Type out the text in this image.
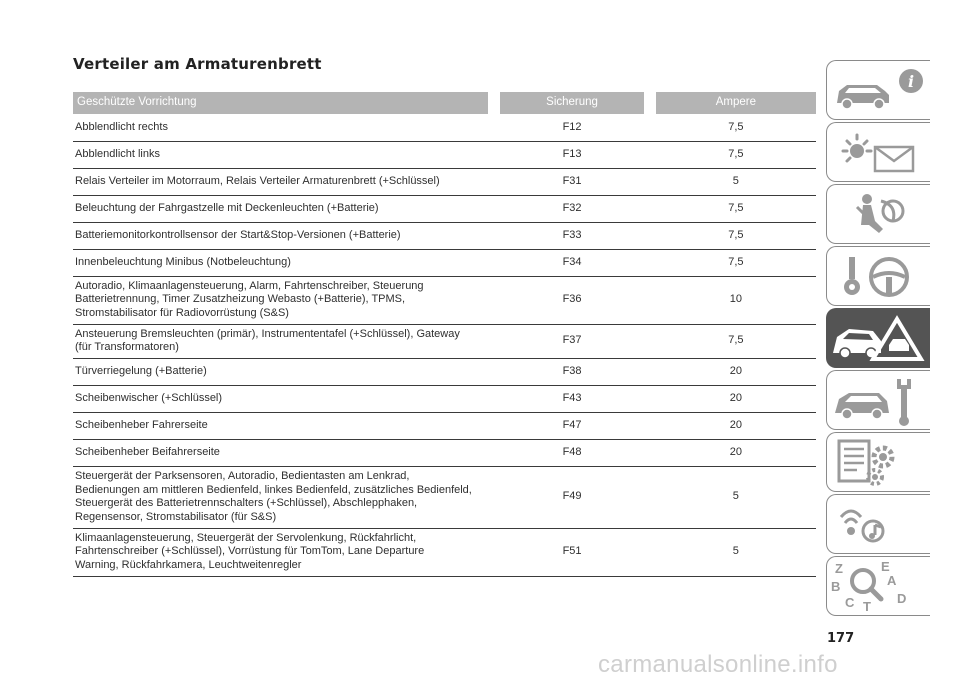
Verteiler am Armaturenbrett
Geschützte Vorrichtung		Sicherung		Ampere
Abblendlicht rechts		F12		7,5
Abblendlicht links		F13		7,5
Relais Verteiler im Motorraum, Relais Verteiler Armaturenbrett (+Schlüssel)		F31		5
Beleuchtung der Fahrgastzelle mit Deckenleuchten (+Batterie)		F32		7,5
Batteriemonitorkontrollsensor der Start&Stop-Versionen (+Batterie)		F33		7,5
Innenbeleuchtung Minibus (Notbeleuchtung)		F34		7,5
Autoradio, Klimaanlagensteuerung, Alarm, Fahrtenschreiber, Steuerung
Batterietrennung, Timer Zusatzheizung Webasto (+Batterie), TPMS,
Stromstabilisator für Radiovorrüstung (S&S)		F36		10
Ansteuerung Bremsleuchten (primär), Instrumententafel (+Schlüssel), Gateway
(für Transformatoren)		F37		7,5
Türverriegelung (+Batterie)		F38		20
Scheibenwischer (+Schlüssel)		F43		20
Scheibenheber Fahrerseite		F47		20
Scheibenheber Beifahrerseite		F48		20
Steuergerät der Parksensoren, Autoradio, Bedientasten am Lenkrad,
Bedienungen am mittleren Bedienfeld, linkes Bedienfeld, zusätzliches Bedienfeld,
Steuergerät des Batterietrennschalters (+Schlüssel), Abschlepphaken,
Regensensor, Stromstabilisator (für S&S)		F49		5
Klimaanlagensteuerung, Steuergerät der Servolenkung, Rückfahrlicht,
Fahrtenschreiber (+Schlüssel), Vorrüstung für TomTom, Lane Departure
Warning, Rückfahrkamera, Leuchtweitenregler		F51		5
177
carmanualsonline.info
i
Z	E
A
B
C T
D
